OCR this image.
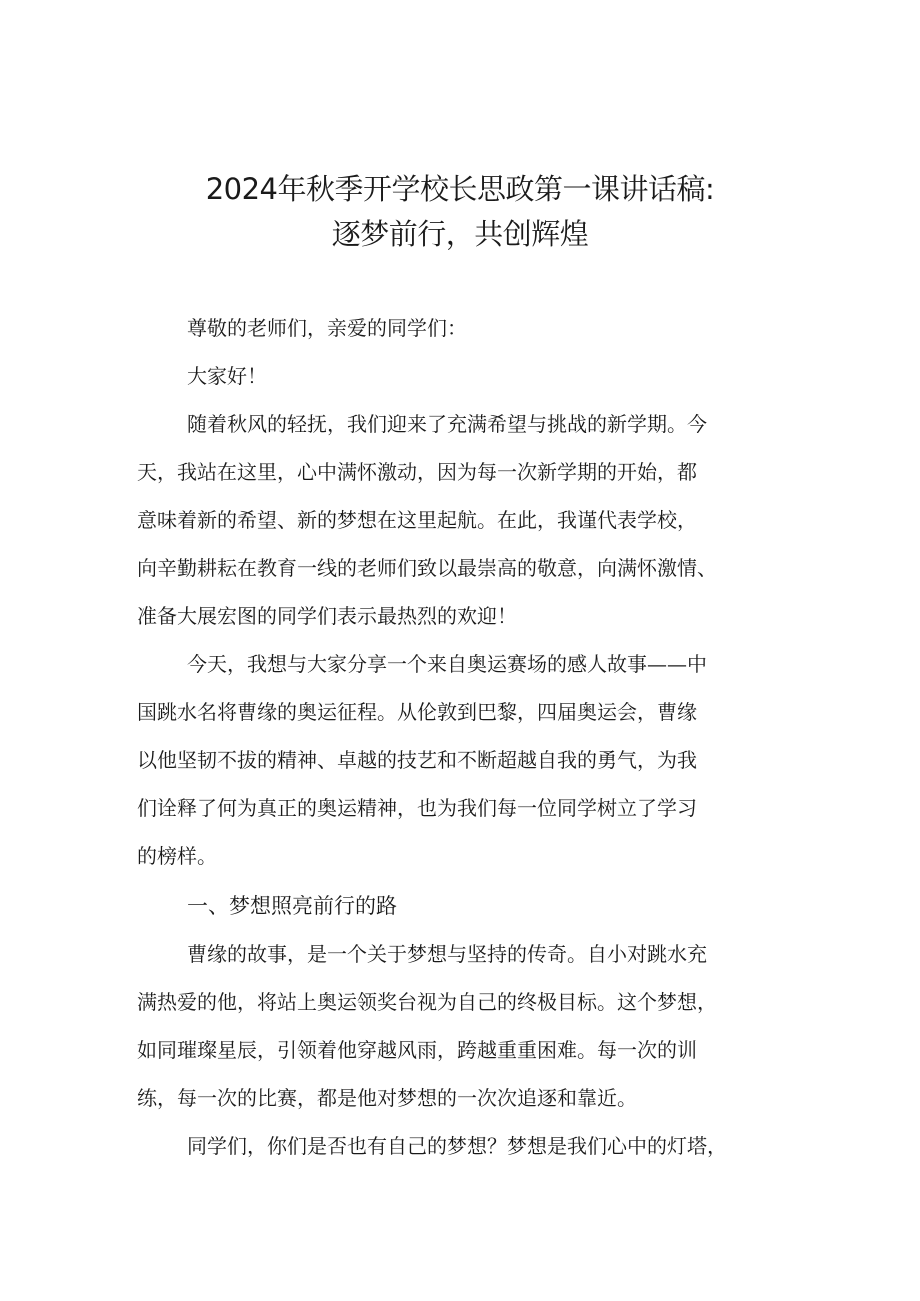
2024年秋季开学校长思政第一课讲话稿:
逐梦前行，共创辉煌

尊敬的老师们，亲爱的同学们：

大家好！

随着秋风的轻抚，我们迎来了充满希望与挑战的新学期。今

天，我站在这里，心中满怀激动，因为每一次新学期的开始，都

意味着新的希望、新的梦想在这里起航。在此，我谨代表学校，

向辛勤耕耘在教育一线的老师们致以最崇高的敬意，向满怀激情、

准备大展宏图的同学们表示最热烈的欢迎！

今天，我想与大家分享一个来自奥运赛场的感人故事——中

国跳水名将曹缘的奥运征程。从伦敦到巴黎，四届奥运会，曹缘

以他坚韧不拔的精神、卓越的技艺和不断超越自我的勇气，为我

们诠释了何为真正的奥运精神，也为我们每一位同学树立了学习

的榜样。

一、梦想照亮前行的路

曹缘的故事，是一个关于梦想与坚持的传奇。自小对跳水充

满热爱的他，将站上奥运领奖台视为自己的终极目标。这个梦想，

如同璀璨星辰，引领着他穿越风雨，跨越重重困难。每一次的训

练，每一次的比赛，都是他对梦想的一次次追逐和靠近。

同学们，你们是否也有自己的梦想？梦想是我们心中的灯塔，
